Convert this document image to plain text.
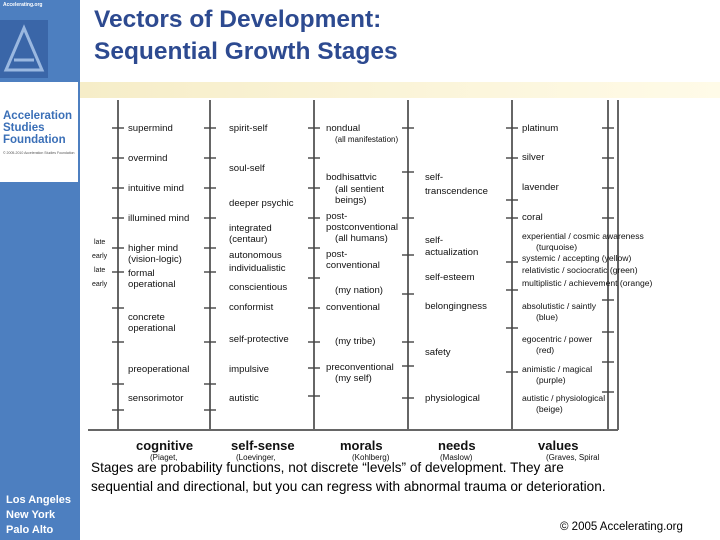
Accelerating.org
Acceleration
Studies
Foundation
© 2005-2010 Acceleration Studies Foundation
Los Angeles
New York
Palo Alto
Vectors of Development:
Sequential Growth Stages
supermind
overmind
intuitive mind
illumined mind
higher mind
(vision-logic)
formal
operational
concrete
operational
preoperational
sensorimotor
late
early
late
early
spirit-self
soul-self
deeper psychic
integrated
(centaur)
autonomous
individualistic
conscientious
conformist
self-protective
impulsive
autistic
nondual
(all manifestation)
bodhisattvic
(all sentient
beings)
post-
postconventional
(all humans)
post-
conventional
(my nation)
conventional
(my tribe)
preconventional
(my self)
self-
transcendence
self-
actualization
self-esteem
belongingness
safety
physiological
platinum
silver
lavender
coral
experiential / cosmic awareness
(turquoise)
systemic / accepting (yellow)
relativistic / sociocratic (green)
multiplistic / achievement (orange)
absolutistic / saintly
(blue)
egocentric / power
(red)
animistic / magical
(purple)
autistic / physiological
(beige)
cognitive	self-sense	morals	needs	values
(Piaget,	(Loevinger,	(Kohlberg)	(Maslow)	(Graves, Spiral
Stages are probability functions, not discrete “levels” of development. They are
sequential and directional, but you can regress with abnormal trauma or deterioration.
© 2005 Accelerating.org
